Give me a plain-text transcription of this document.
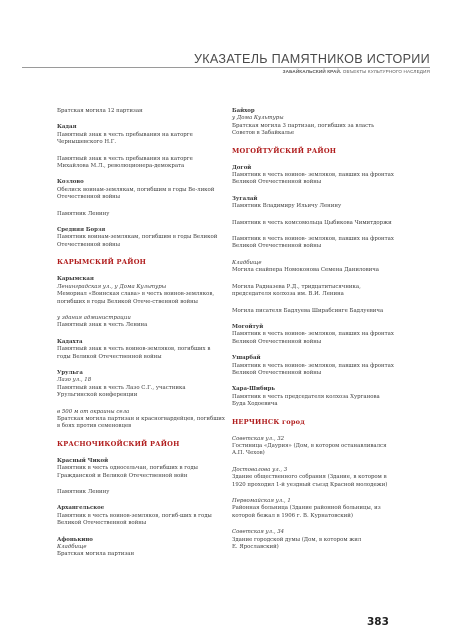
УКАЗАТЕЛЬ ПАМЯТНИКОВ ИСТОРИИ
ЗАБАЙКАЛЬСКИЙ КРАЙ. ОБЪЕКТЫ КУЛЬТУРНОГО НАСЛЕДИЯ
Братская могила 12 партизан
Кадая
Памятный знак в честь пребывания на каторге
Чернышевского Н.Г.
Памятный знак в честь пребывания на каторге
Михайлова М.Л., революционера-демократа
Козлово
Обелиск воинам-землякам, погибшим в годы Ве-ликой
Отечественной войны
Памятник Ленину
Средняя Борзя
Памятник воинам-землякам, погибшим в годы Великой
Отечественной войны
КАРЫМСКИЙ РАЙОН
Карымская
Ленинградская ул., у Дома Культуры
Мемориал «Воинская слава» в честь воинов-земляков,
погибших в годы Великой Отече-ственной войны
у здания администрации
Памятный знак в честь Ленина
Кадахта
Памятный знак в честь воинов-земляков, погибших в
годы Великой Отечественной войны
Урульга
Лазо ул., 18
Памятный знак в честь Лазо С.Г., участника
Урульгинской конференции
в 500 м от окраины села
Братская могила партизан и красногвардейцев, погибших
в боях против семеновцев
КРАСНОЧИКОЙСКИЙ РАЙОН
Красный Чикой
Памятник в честь односельчан, погибших в годы
Гражданской и Великой Отечественной войн
Памятник Ленину
Архангельское
Памятник в честь воинов-земляков, погиб-ших в годы
Великой Отечественной войны
Афонькино
Кладбище
Братская могила партизан
Байхор
у Дома Культуры
Братская могила 3 партизан, погибших за власть
Советов в Забайкалье
МОГОЙТУЙСКИЙ РАЙОН
Догой
Памятник в честь воинов- земляков, павших на фронтах
Великой Отечественной войны
Зугалай
Памятник Владимиру Ильичу Ленину
Памятник в честь комсомольца Цыбикова Чимитдоржи
Памятник в честь воинов- земляков, павших на фронтах
Великой Отечественной войны
Кладбище
Могила снайпера Номоконова Семена Даниловича
Могила Радназева Р.Д., тридцатитысячника,
председателя колхоза им. В.И. Ленина
Могила писателя Бадлуева Ширабсинге Бадлуевича
Могойтуй
Памятник в честь воинов- земляков, павших на фронтах
Великой Отечественной войны
Ушарбай
Памятник в честь воинов- земляков, павших на фронтах
Великой Отечественной войны
Хара-Шибирь
Памятник в честь председателя колхоза Хурганова
Буда Ходоевича
НЕРЧИНСК город
Советская ул., 32
Гостиница «Даурия» (Дом, в котором останавливался
А.П. Чехов)
Достовалова ул., 3
Здание общественного собрания (Здание, в котором в
1920 проходил 1-й уездный съезд Красной молодежи)
Первомайская ул., 1
Районная больница (Здание районной больницы, из
которой бежал в 1906 г. В. Курнатовский)
Советская ул., 34
Здание городской думы (Дом, в котором жил
Е. Ярославский)
383
